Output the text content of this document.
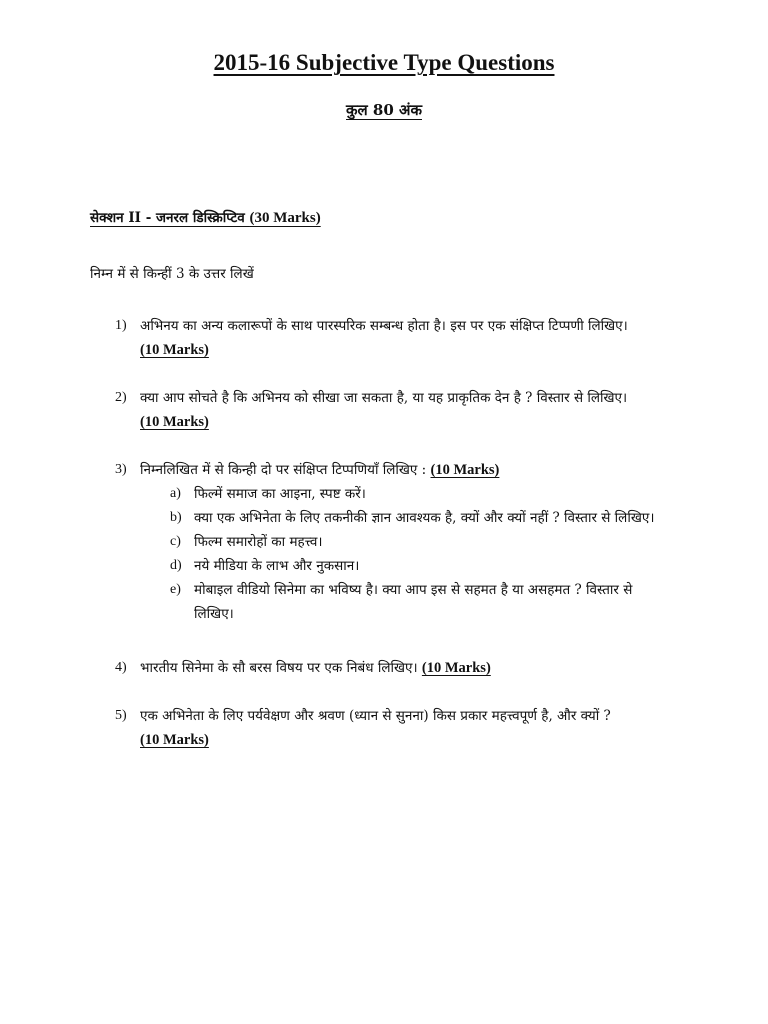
2015-16 Subjective Type Questions
कुल 80 अंक
सेक्शन II - जनरल डिस्क्रिप्टिव (30 Marks)
निम्न में से किन्हीं 3 के उत्तर लिखें
1) अभिनय का अन्य कलारूपों के साथ पारस्परिक सम्बन्ध होता है। इस पर एक संक्षिप्त टिप्पणी लिखिए।
(10 Marks)
2) क्या आप सोचते है कि अभिनय को सीखा जा सकता है, या यह प्राकृतिक देन है ? विस्तार से लिखिए।
(10 Marks)
3) निम्नलिखित में से किन्ही दो पर संक्षिप्त टिप्पणियाँ लिखिए : (10 Marks)
a) फिल्में समाज का आइना, स्पष्ट करें।
b) क्या एक अभिनेता के लिए तकनीकी ज्ञान आवश्यक है, क्यों और क्यों नहीं ? विस्तार से लिखिए।
c) फिल्म समारोहों का महत्त्व।
d) नये मीडिया के लाभ और नुकसान।
e) मोबाइल वीडियो सिनेमा का भविष्य है। क्या आप इस से सहमत है या असहमत ? विस्तार से लिखिए।
4) भारतीय सिनेमा के सौ बरस विषय पर एक निबंध लिखिए। (10 Marks)
5) एक अभिनेता के लिए पर्यवेक्षण और श्रवण (ध्यान से सुनना) किस प्रकार महत्त्वपूर्ण है, और क्यों ?
(10 Marks)
